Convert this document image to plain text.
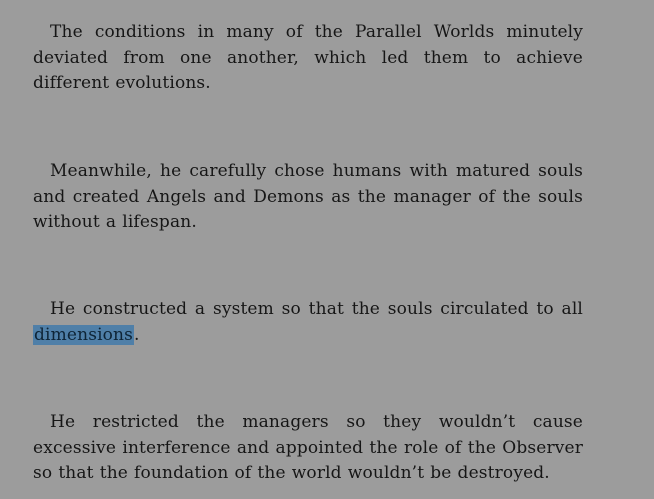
The conditions in many of the Parallel Worlds minutely deviated from one another, which led them to achieve different evolutions.

Meanwhile, he carefully chose humans with matured souls and created Angels and Demons as the manager of the souls without a lifespan.

He constructed a system so that the souls circulated to all dimensions.

He restricted the managers so they wouldn’t cause excessive interference and appointed the role of the Observer so that the foundation of the world wouldn’t be destroyed.
